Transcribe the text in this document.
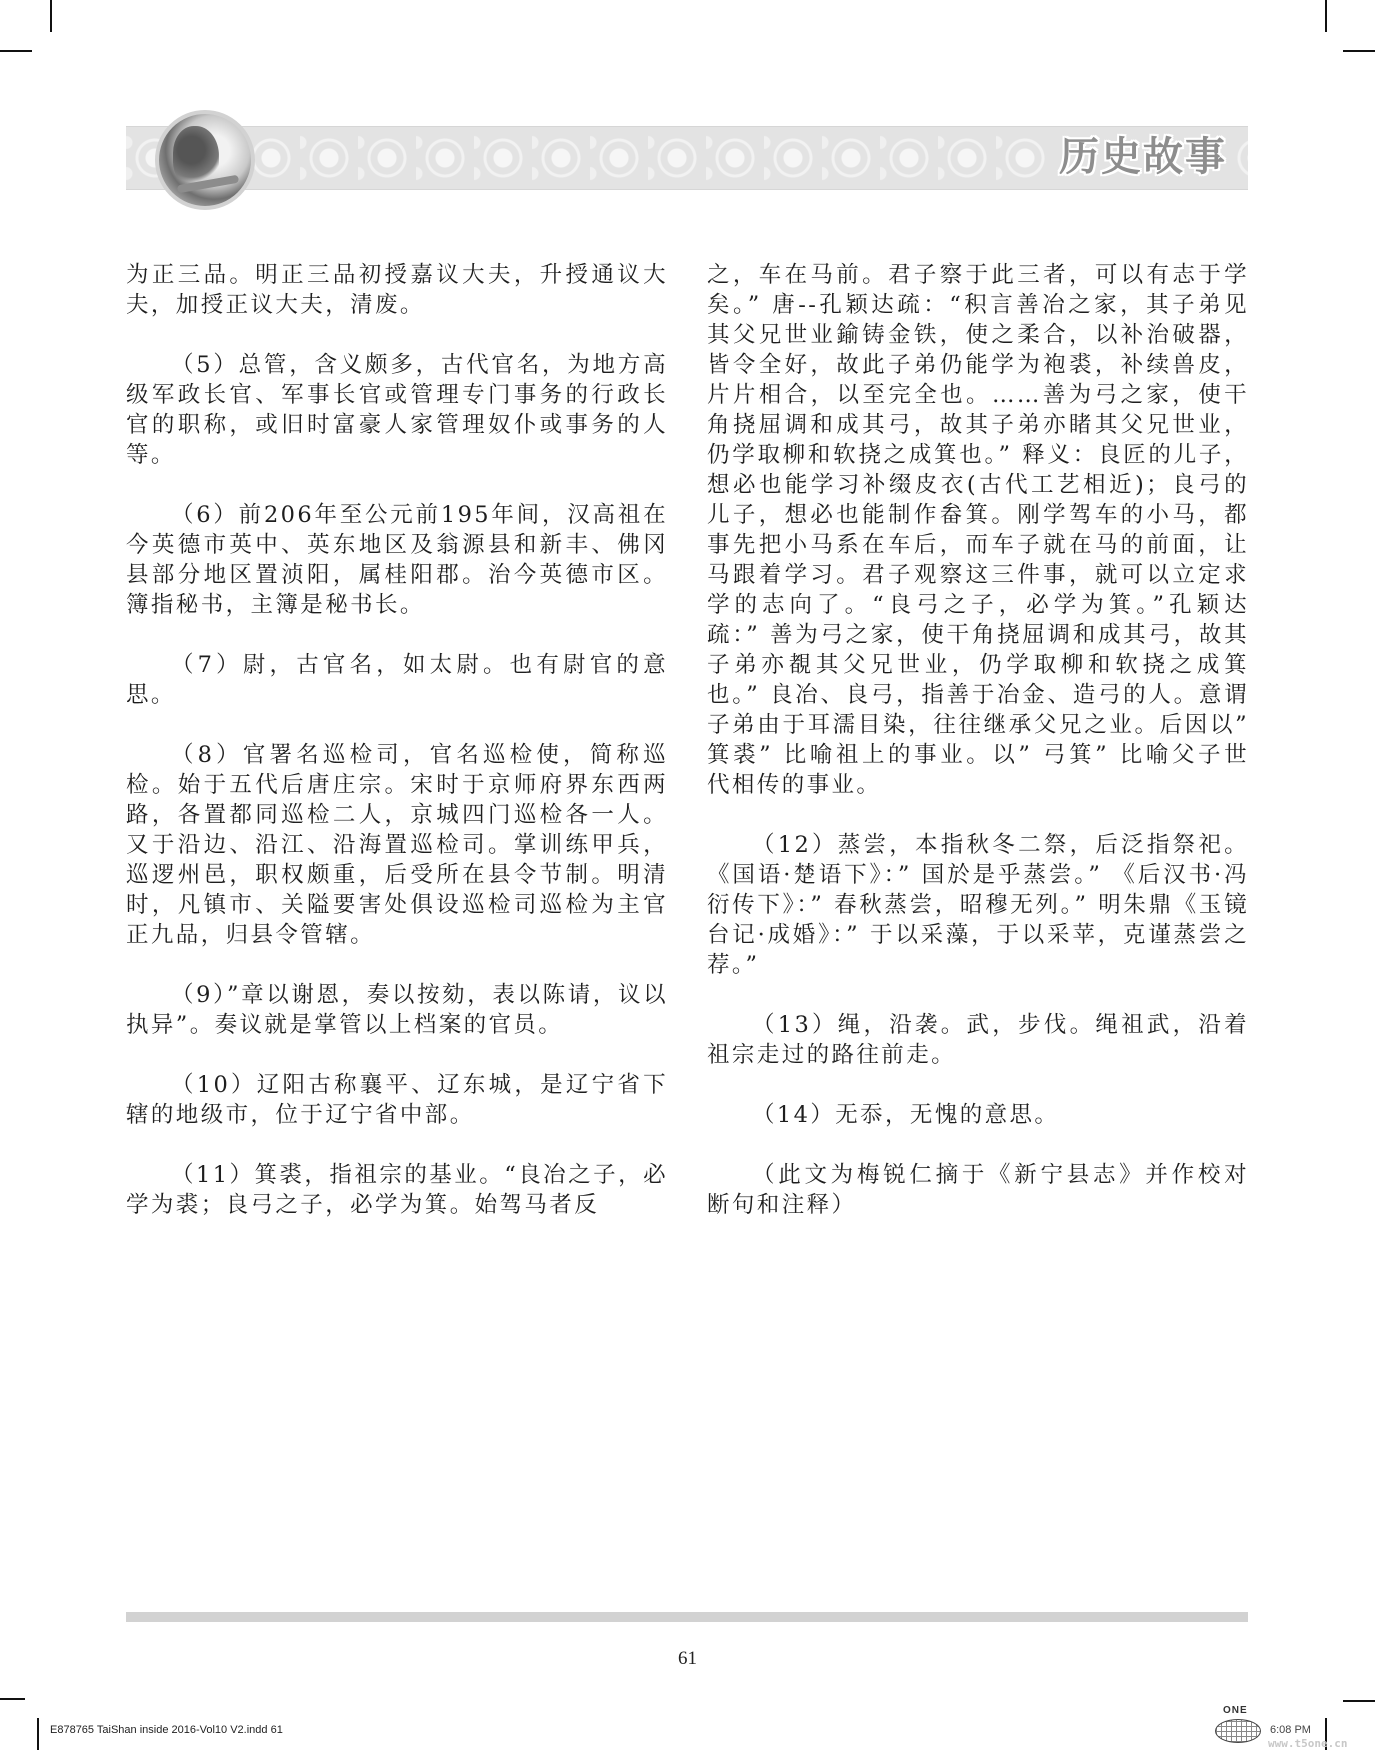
历史故事

为正三品。明正三品初授嘉议大夫，升授通议大夫，加授正议大夫，清废。

（5）总管，含义颇多，古代官名，为地方高级军政长官、军事长官或管理专门事务的行政长官的职称，或旧时富豪人家管理奴仆或事务的人等。

（6）前206年至公元前195年间，汉高祖在今英德市英中、英东地区及翁源县和新丰、佛冈县部分地区置浈阳，属桂阳郡。治今英德市区。簿指秘书，主簿是秘书长。

（7）尉，古官名，如太尉。也有尉官的意思。

（8）官署名巡检司，官名巡检使，简称巡检。始于五代后唐庄宗。宋时于京师府界东西两路，各置都同巡检二人，京城四门巡检各一人。又于沿边、沿江、沿海置巡检司。掌训练甲兵，巡逻州邑，职权颇重，后受所在县令节制。明清时，凡镇市、关隘要害处俱设巡检司巡检为主官正九品，归县令管辖。

（9）”章以谢恩，奏以按劾，表以陈请，议以执异”。奏议就是掌管以上档案的官员。

（10）辽阳古称襄平、辽东城，是辽宁省下辖的地级市，位于辽宁省中部。

（11）箕裘，指祖宗的基业。“良冶之子，必学为裘；良弓之子，必学为箕。始驾马者反

之，车在马前。君子察于此三者，可以有志于学矣。” 唐--孔颖达疏：“积言善冶之家，其子弟见其父兄世业鍮铸金铁，使之柔合，以补治破器，皆令全好，故此子弟仍能学为袍裘，补续兽皮，片片相合，以至完全也。……善为弓之家，使干角挠屈调和成其弓，故其子弟亦睹其父兄世业，仍学取柳和软挠之成箕也。” 释义：良匠的儿子，想必也能学习补缀皮衣(古代工艺相近)；良弓的儿子，想必也能制作畚箕。刚学驾车的小马，都事先把小马系在车后，而车子就在马的前面，让马跟着学习。君子观察这三件事，就可以立定求学的志向了。“良弓之子，必学为箕。”孔颖达疏：” 善为弓之家，使干角挠屈调和成其弓，故其子弟亦覩其父兄世业，仍学取柳和软挠之成箕也。” 良冶、良弓，指善于冶金、造弓的人。意谓子弟由于耳濡目染，往往继承父兄之业。后因以” 箕裘” 比喻祖上的事业。以” 弓箕” 比喻父子世代相传的事业。

（12）蒸尝，本指秋冬二祭，后泛指祭祀。《国语·楚语下》：” 国於是乎蒸尝。” 《后汉书·冯衍传下》：” 春秋蒸尝，昭穆无列。” 明朱鼎《玉镜台记·成婚》：” 于以采藻，于以采苹，克谨蒸尝之荐。”

（13）绳，沿袭。武，步伐。绳祖武，沿着祖宗走过的路往前走。

（14）无忝，无愧的意思。

（此文为梅锐仁摘于《新宁县志》并作校对断句和注释）

61
E878765 TaiShan inside 2016-Vol10 V2.indd 61
ONE
6:08 PM
www.t5one.cn
